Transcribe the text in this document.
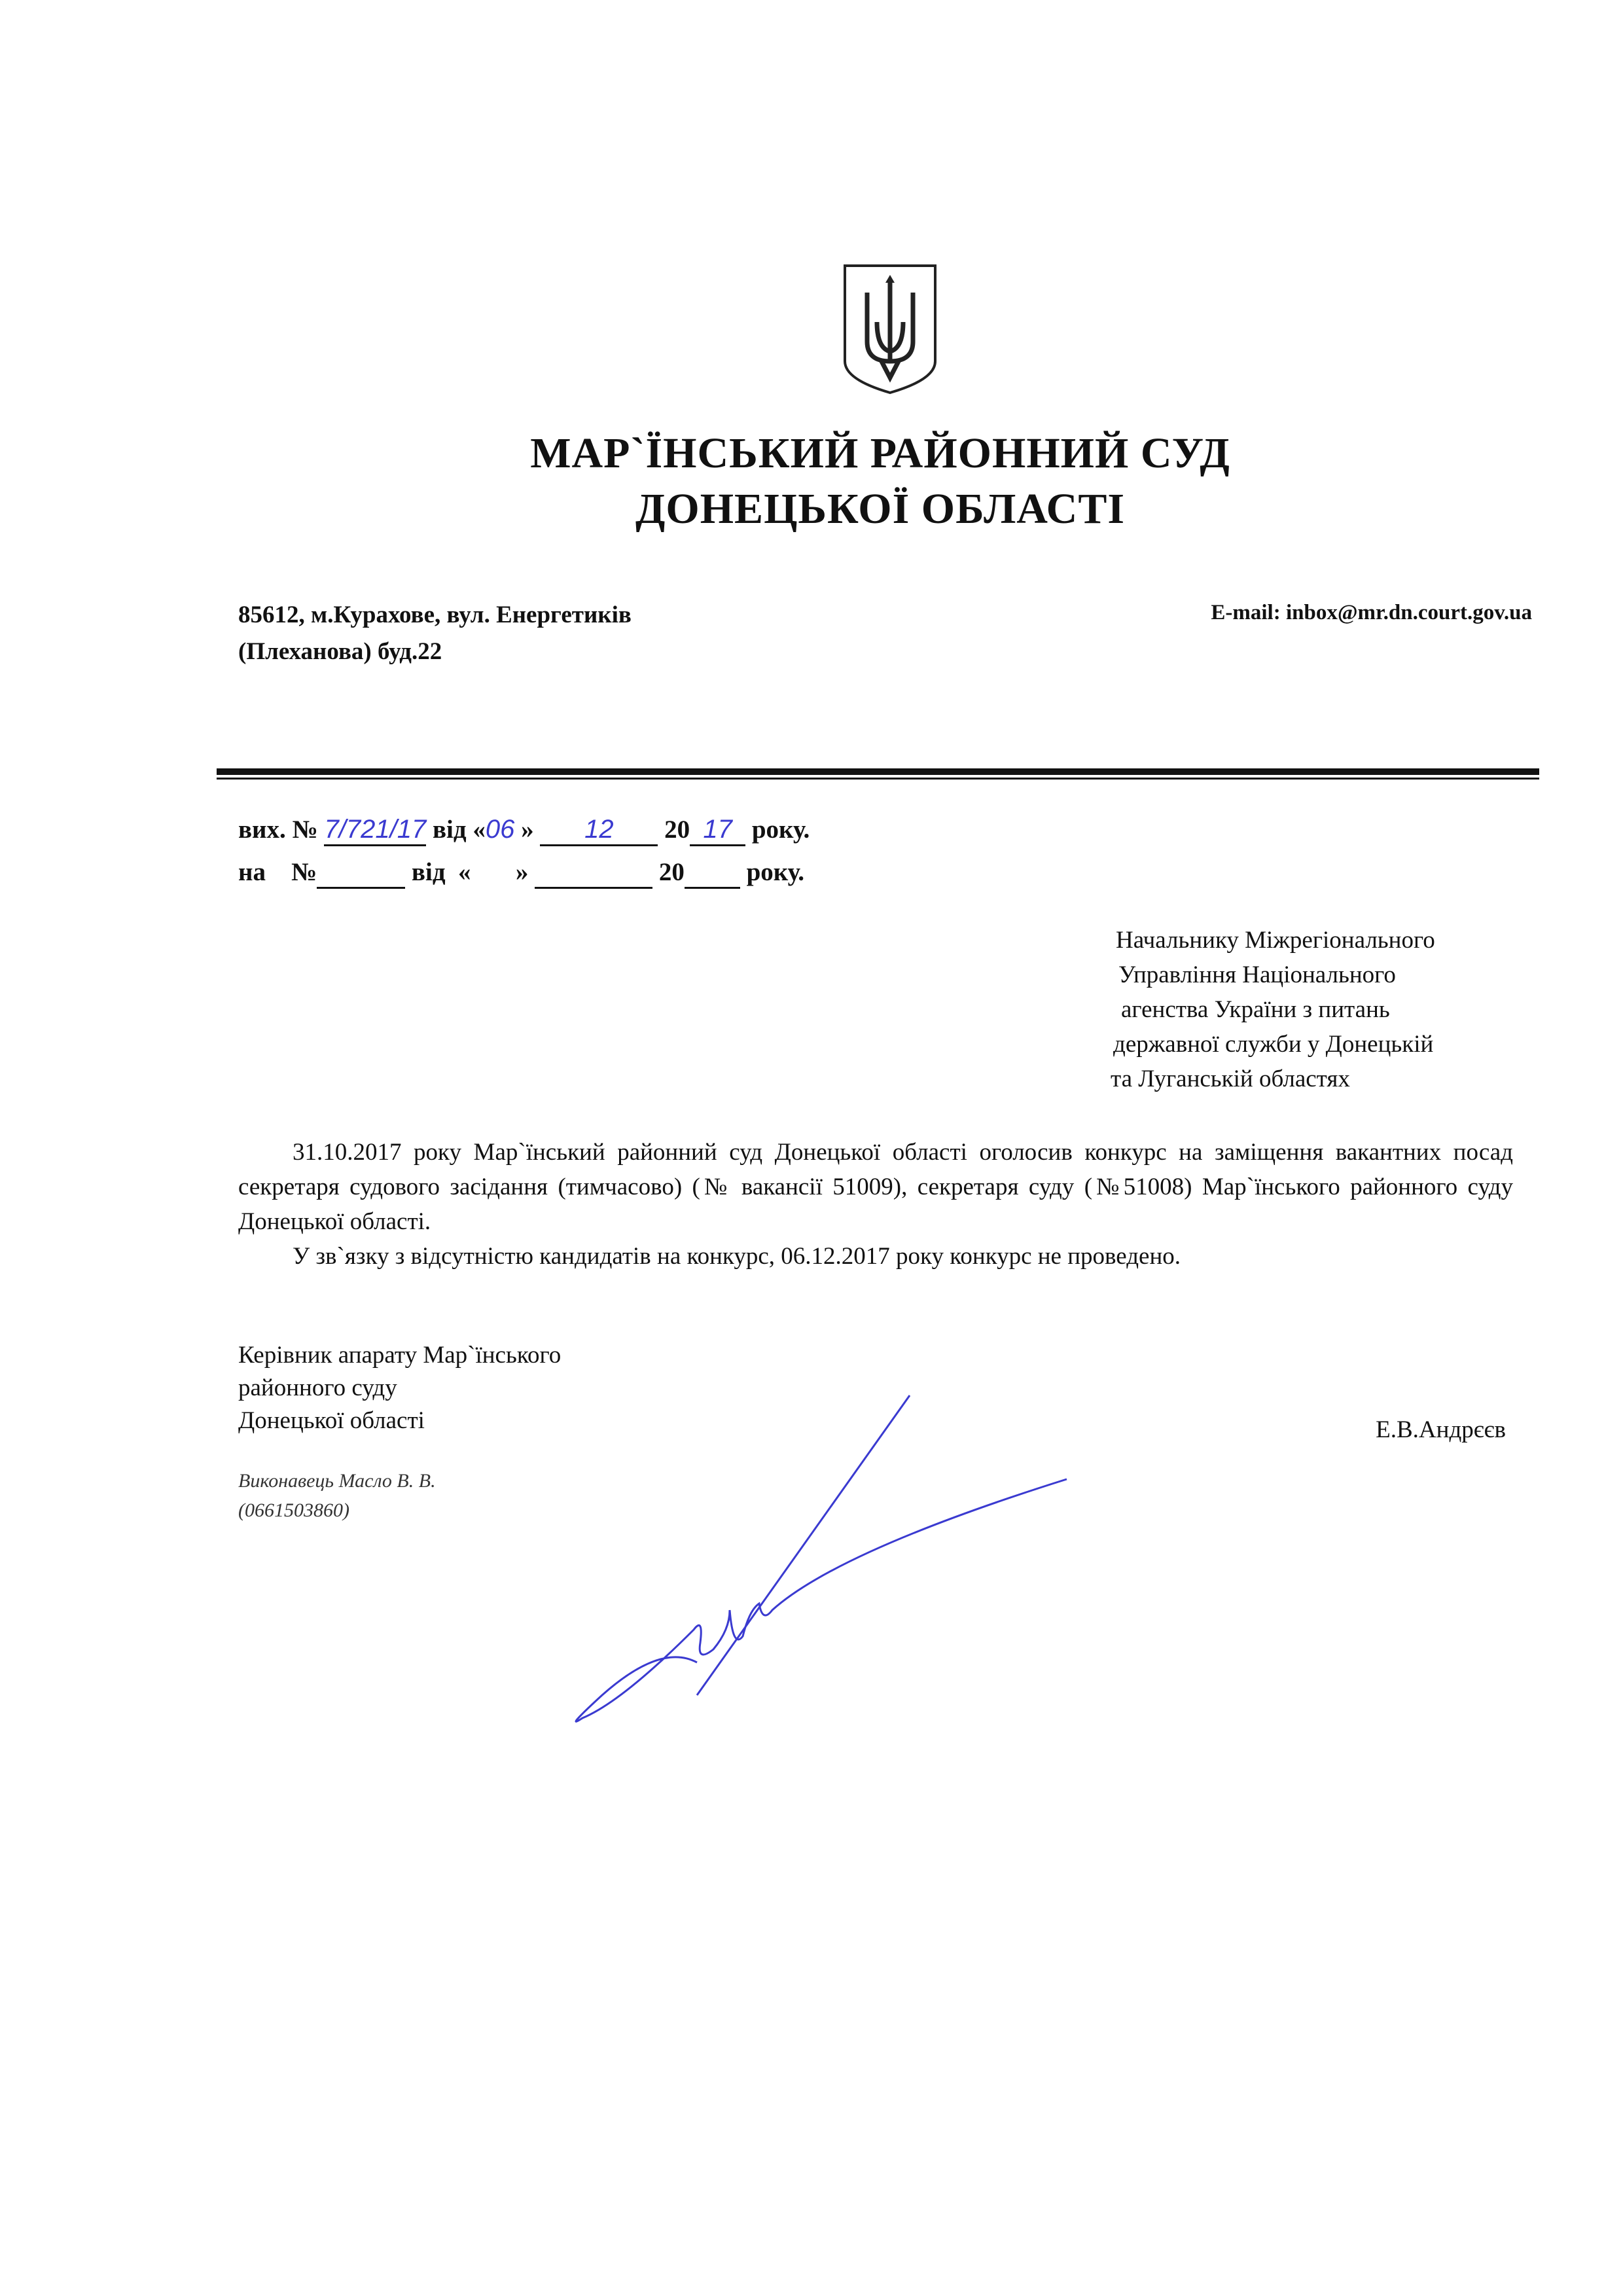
МАР`ЇНСЬКИЙ РАЙОННИЙ СУД
ДОНЕЦЬКОЇ ОБЛАСТІ
85612, м.Курахове, вул. Енергетиків
(Плеханова) буд.22
E-mail: inbox@mr.dn.court.gov.ua
вих. № 7/721/17 від «06 » 12 20 17 року.
на    №	від  « »	20 року.
Начальнику Міжрегіонального
Управління Національного
агенства України з питань
державної служби у Донецькій
та Луганській областях

31.10.2017 року Мар`їнський районний суд Донецької області оголосив конкурс на заміщення вакантних посад секретаря судового засідання (тимчасово) (№ вакансії 51009), секретаря суду (№51008) Мар`їнського районного суду Донецької області.

У зв`язку з відсутністю кандидатів на конкурс, 06.12.2017 року конкурс не проведено.

Керівник апарату Мар`їнського
районного суду
Донецької області	Е.В.Андрєєв
Виконавець Масло В. В.
(0661503860)
